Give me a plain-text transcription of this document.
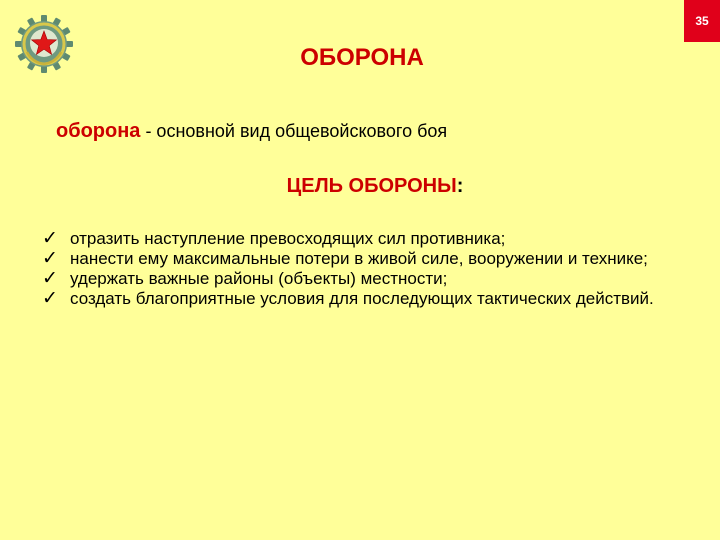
35
ОБОРОНА
оборона - основной вид общевойскового боя
ЦЕЛЬ ОБОРОНЫ:
✓ отразить наступление превосходящих сил противника;
✓ нанести ему максимальные потери в живой силе, вооружении и технике;
✓ удержать важные районы (объекты) местности;
✓ создать благоприятные условия для последующих тактических действий.
